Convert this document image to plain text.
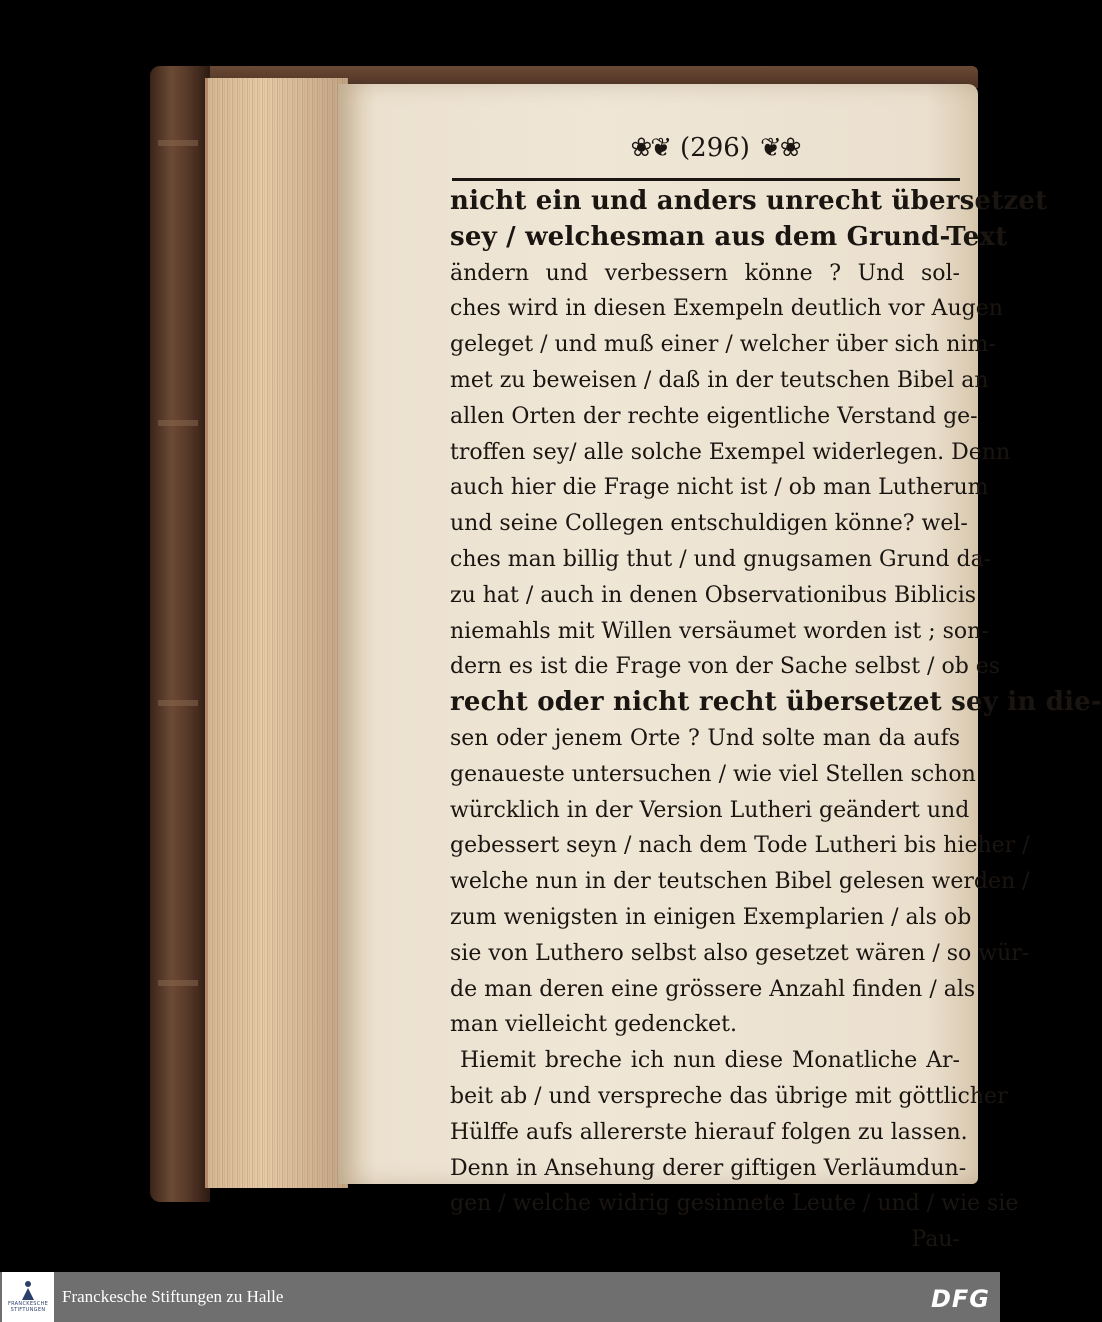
❀❦ (296) ❦❀
nicht ein und anders unrecht übersetzet
sey / welchesman aus dem Grund-Text
ändern und verbessern könne ? Und sol-
ches wird in diesen Exempeln deutlich vor Augen
geleget / und muß einer / welcher über sich nim-
met zu beweisen / daß in der teutschen Bibel an
allen Orten der rechte eigentliche Verstand ge-
troffen sey/ alle solche Exempel widerlegen. Denn
auch hier die Frage nicht ist / ob man Lutherum
und seine Collegen entschuldigen könne? wel-
ches man billig thut / und gnugsamen Grund da-
zu hat / auch in denen Observationibus Biblicis
niemahls mit Willen versäumet worden ist ; son-
dern es ist die Frage von der Sache selbst / ob es
recht oder nicht recht übersetzet sey in die-
sen oder jenem Orte ? Und solte man da aufs
genaueste untersuchen / wie viel Stellen schon
würcklich in der Version Lutheri geändert und
gebessert seyn / nach dem Tode Lutheri bis hieher /
welche nun in der teutschen Bibel gelesen werden /
zum wenigsten in einigen Exemplarien / als ob
sie von Luthero selbst also gesetzet wären / so wür-
de man deren eine grössere Anzahl finden / als
man vielleicht gedencket.
Hiemit breche ich nun diese Monatliche Ar-
beit ab / und verspreche das übrige mit göttlicher
Hülffe aufs allererste hierauf folgen zu lassen.
Denn in Ansehung derer giftigen Verläumdun-
gen / welche widrig gesinnete Leute / und / wie sie
Pau-
FRANCKESCHE
STIFTUNGEN
Franckesche Stiftungen zu Halle	DFG
